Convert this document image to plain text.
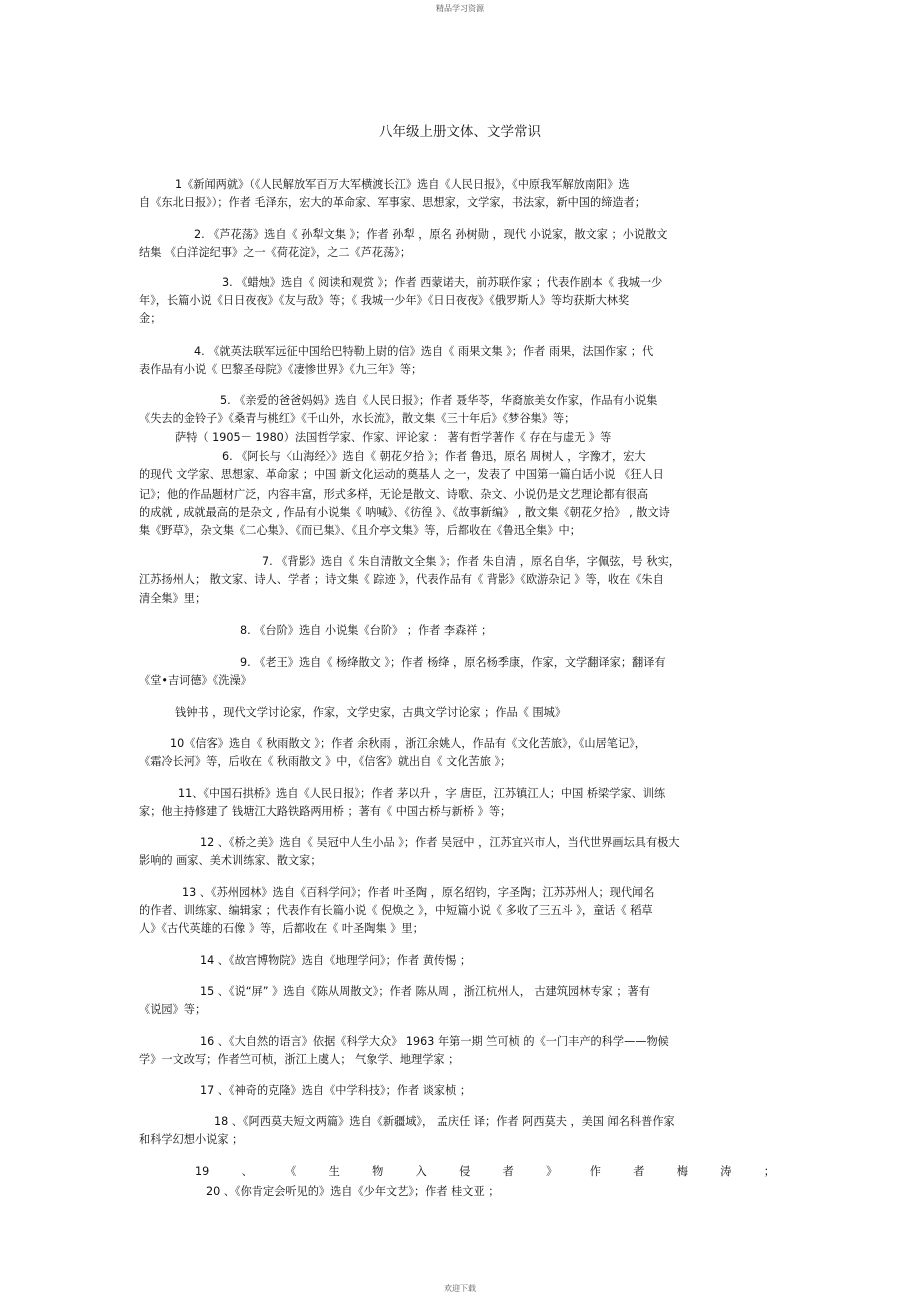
精品学习资源
八年级上册文体、文学常识
1《新闻两就》（《人民解放军百万大军横渡长江》选自《人民日报》，《中原我军解放南阳》选
自《东北日报》）；作者 毛泽东，宏大的革命家、军事家、思想家，文学家，书法家，新中国的缔造者；
2. 《芦花荡》选自《 孙犁文集 》；作者 孙犁 ，原名 孙树勋 ，现代 小说家，散文家 ；小说散文
结集 《白洋淀纪事》之一《荷花淀》，之二《芦花荡》；
3. 《蜡烛》选自《 阅读和观赏 》；作者 西蒙诺夫，前苏联作家 ；代表作剧本《 我城一少
年》，长篇小说《日日夜夜》《友与敌》等；《 我城一少年》《日日夜夜》《俄罗斯人》等均获斯大林奖
金；
4. 《就英法联军远征中国给巴特勒上尉的信》选自《 雨果文集 》；作者 雨果，法国作家 ；代
表作品有小说《 巴黎圣母院》《凄惨世界》《九三年》等；
5. 《亲爱的爸爸妈妈》选自《人民日报》；作者 聂华苓，华裔旅美女作家，作品有小说集
《失去的金铃子》《桑青与桃红》《千山外，水长流》，散文集《三十年后》《梦谷集》等；
萨特（ 1905－ 1980）法国哲学家、作家、评论家 ： 著有哲学著作《 存在与虚无 》等
6. 《阿长与〈山海经〉》选自《 朝花夕拾 》；作者 鲁迅，原名 周树人 ，字豫才，宏大
的现代 文学家、思想家、革命家 ；中国 新文化运动的奠基人 之一，发表了 中国第一篇白话小说 《狂人日
记》；他的作品题材广泛，内容丰富，形式多样，无论是散文、诗歌、杂文、小说仍是文艺理论都有很高
的成就 , 成就最高的是杂文 , 作品有小说集《 呐喊》、《彷徨 》、《故事新编》 , 散文集《朝花夕拾》 , 散文诗
集《野草》，杂文集《二心集》、《而已集》、《且介亭文集》等，后都收在《鲁迅全集》中；
7. 《背影》选自《 朱自清散文全集 》；作者 朱自清 ，原名自华，字佩弦，号 秋实，
江苏扬州人； 散文家、诗人、学者 ；诗文集《 踪迹 》，代表作品有《 背影》《欧游杂记 》等，收在《朱自
清全集》里；
8. 《台阶》选自 小说集《台阶》 ；作者 李森祥 ；
9. 《老王》选自《 杨绛散文 》；作者 杨绛 ，原名杨季康，作家，文学翻译家；翻译有
《堂•吉诃德》《洗澡》
钱钟书 ，现代文学讨论家，作家，文学史家，古典文学讨论家 ；作品《 围城》
10《信客》选自《 秋雨散文 》；作者 余秋雨 ，浙江余姚人，作品有《文化苦旅》，《山居笔记》，
《霜冷长河》等，后收在《 秋雨散文 》中，《信客》就出自《 文化苦旅 》；
11、《中国石拱桥》选自《人民日报》；作者 茅以升 ，字 唐臣，江苏镇江人；中国 桥梁学家、训练
家；他主持修建了 钱塘江大路铁路两用桥 ；著有《 中国古桥与新桥 》等；
12 、《桥之美》选自《 吴冠中人生小品 》；作者 吴冠中 ，江苏宜兴市人，当代世界画坛具有极大
影响的 画家、美术训练家、散文家；
13 、《苏州园林》选自《百科学问》；作者 叶圣陶 ，原名绍钧，字圣陶；江苏苏州人；现代闻名
的作者、训练家、编辑家 ；代表作有长篇小说《 倪焕之 》，中短篇小说《 多收了三五斗 》，童话《 稻草
人》《古代英雄的石像 》等，后都收在《 叶圣陶集 》里；
14 、《故宫博物院》选自《地理学问》；作者 黄传惕 ；
15 、《说“屏” 》选自《陈从周散文》；作者 陈从周 ，浙江杭州人， 古建筑园林专家 ；著有
《说园》等；
16 、《大自然的语言》依据《科学大众》 1963 年第一期 竺可桢 的《一门丰产的科学——物候
学》一文改写；作者竺可桢，浙江上虞人； 气象学、地理学家 ；
17 、《神奇的克隆》选自《中学科技》；作者 谈家桢 ；
18 、《阿西莫夫短文两篇》选自《新疆域》， 孟庆任 译；作者 阿西莫夫 ，美国 闻名科普作家
和科学幻想小说家 ；
19	、	《	生	物	入	侵	者	》	作	者	梅	涛	；
20 、《你肯定会听见的》选自《少年文艺》；作者 桂文亚 ；
欢迎下载
